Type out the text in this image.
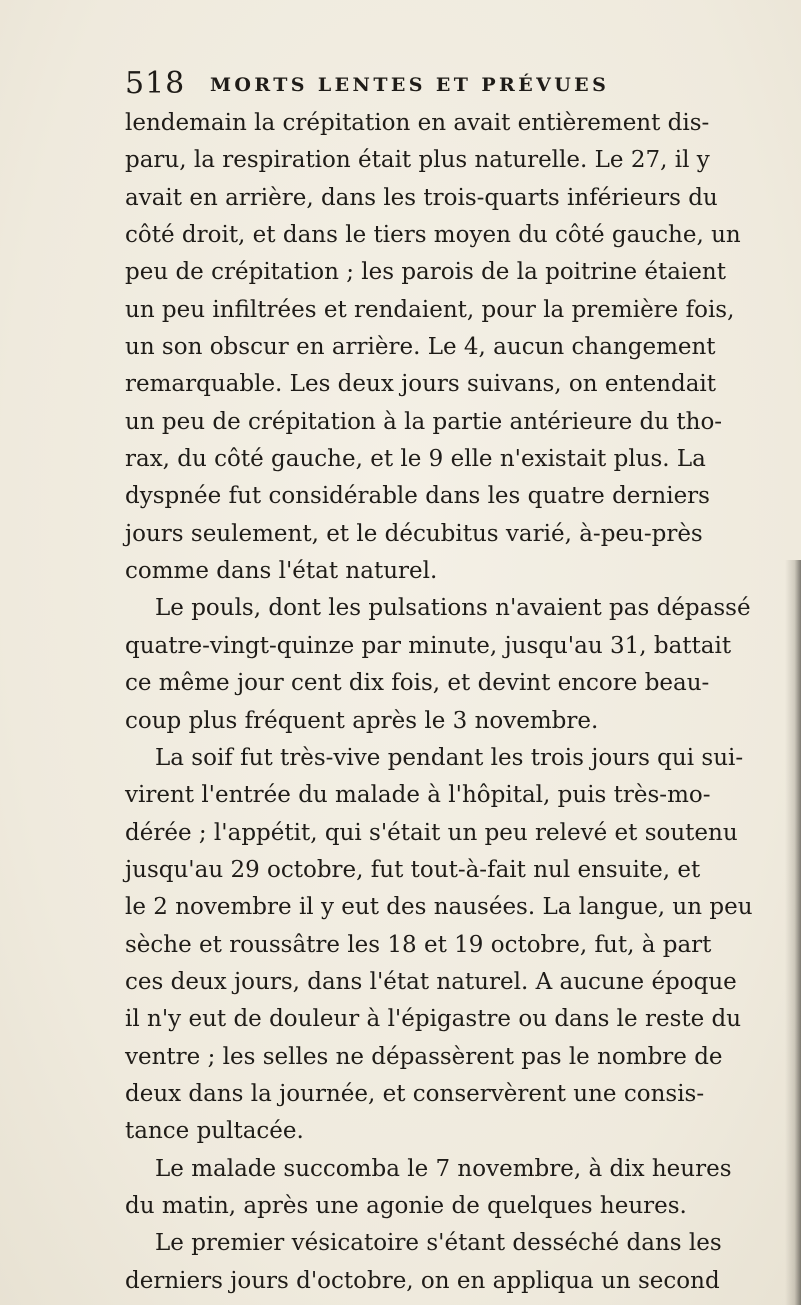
518 MORTS LENTES ET PRÉVUES
lendemain la crépitation en avait entièrement dis-
paru, la respiration était plus naturelle. Le 27, il y
avait en arrière, dans les trois-quarts inférieurs du
côté droit, et dans le tiers moyen du côté gauche, un
peu de crépitation ; les parois de la poitrine étaient
un peu infiltrées et rendaient, pour la première fois,
un son obscur en arrière. Le 4, aucun changement
remarquable. Les deux jours suivans, on entendait
un peu de crépitation à la partie antérieure du tho-
rax, du côté gauche, et le 9 elle n'existait plus. La
dyspnée fut considérable dans les quatre derniers
jours seulement, et le décubitus varié, à-peu-près
comme dans l'état naturel.
Le pouls, dont les pulsations n'avaient pas dépassé
quatre-vingt-quinze par minute, jusqu'au 31, battait
ce même jour cent dix fois, et devint encore beau-
coup plus fréquent après le 3 novembre.
La soif fut très-vive pendant les trois jours qui sui-
virent l'entrée du malade à l'hôpital, puis très-mo-
dérée ; l'appétit, qui s'était un peu relevé et soutenu
jusqu'au 29 octobre, fut tout-à-fait nul ensuite, et
le 2 novembre il y eut des nausées. La langue, un peu
sèche et roussâtre les 18 et 19 octobre, fut, à part
ces deux jours, dans l'état naturel. A aucune époque
il n'y eut de douleur à l'épigastre ou dans le reste du
ventre ; les selles ne dépassèrent pas le nombre de
deux dans la journée, et conservèrent une consis-
tance pultacée.
Le malade succomba le 7 novembre, à dix heures
du matin, après une agonie de quelques heures.
Le premier vésicatoire s'étant desséché dans les
derniers jours d'octobre, on en appliqua un second
